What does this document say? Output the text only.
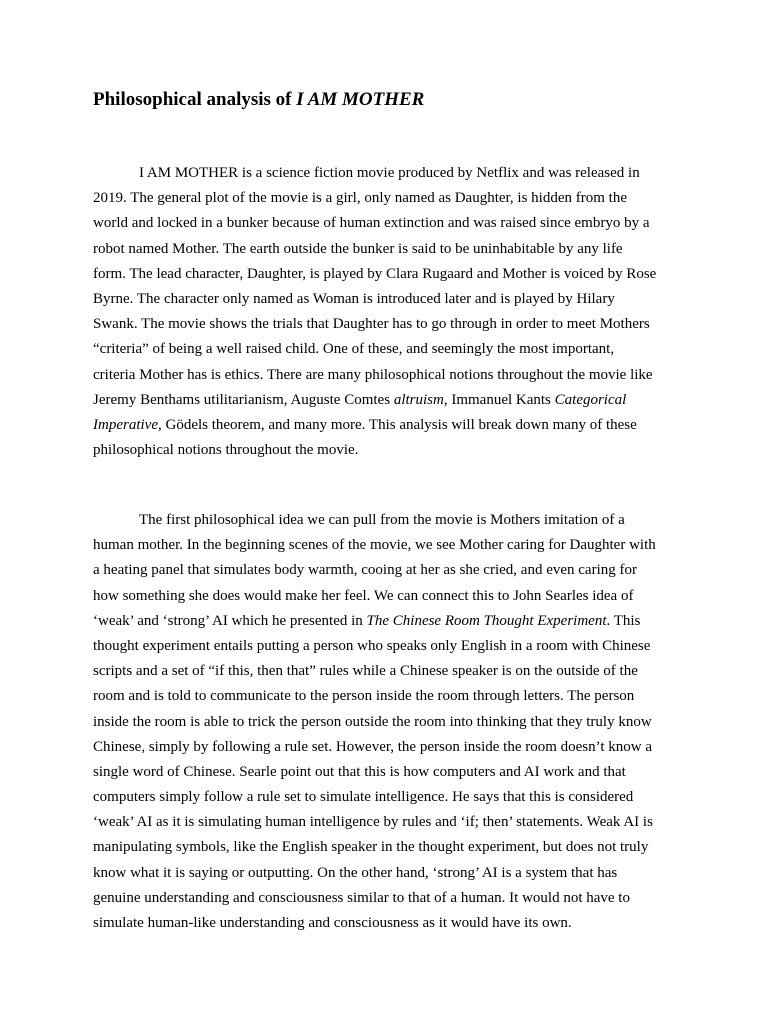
Philosophical analysis of I AM MOTHER
I AM MOTHER is a science fiction movie produced by Netflix and was released in
2019. The general plot of the movie is a girl, only named as Daughter, is hidden from the
world and locked in a bunker because of human extinction and was raised since embryo by a
robot named Mother. The earth outside the bunker is said to be uninhabitable by any life
form. The lead character, Daughter, is played by Clara Rugaard and Mother is voiced by Rose
Byrne. The character only named as Woman is introduced later and is played by Hilary
Swank. The movie shows the trials that Daughter has to go through in order to meet Mothers
“criteria” of being a well raised child. One of these, and seemingly the most important,
criteria Mother has is ethics. There are many philosophical notions throughout the movie like
Jeremy Benthams utilitarianism, Auguste Comtes altruism, Immanuel Kants Categorical
Imperative, Gödels theorem, and many more. This analysis will break down many of these
philosophical notions throughout the movie.
The first philosophical idea we can pull from the movie is Mothers imitation of a
human mother. In the beginning scenes of the movie, we see Mother caring for Daughter with
a heating panel that simulates body warmth, cooing at her as she cried, and even caring for
how something she does would make her feel. We can connect this to John Searles idea of
‘weak’ and ‘strong’ AI which he presented in The Chinese Room Thought Experiment. This
thought experiment entails putting a person who speaks only English in a room with Chinese
scripts and a set of “if this, then that” rules while a Chinese speaker is on the outside of the
room and is told to communicate to the person inside the room through letters. The person
inside the room is able to trick the person outside the room into thinking that they truly know
Chinese, simply by following a rule set. However, the person inside the room doesn’t know a
single word of Chinese. Searle point out that this is how computers and AI work and that
computers simply follow a rule set to simulate intelligence. He says that this is considered
‘weak’ AI as it is simulating human intelligence by rules and ‘if; then’ statements. Weak AI is
manipulating symbols, like the English speaker in the thought experiment, but does not truly
know what it is saying or outputting. On the other hand, ‘strong’ AI is a system that has
genuine understanding and consciousness similar to that of a human. It would not have to
simulate human-like understanding and consciousness as it would have its own.
